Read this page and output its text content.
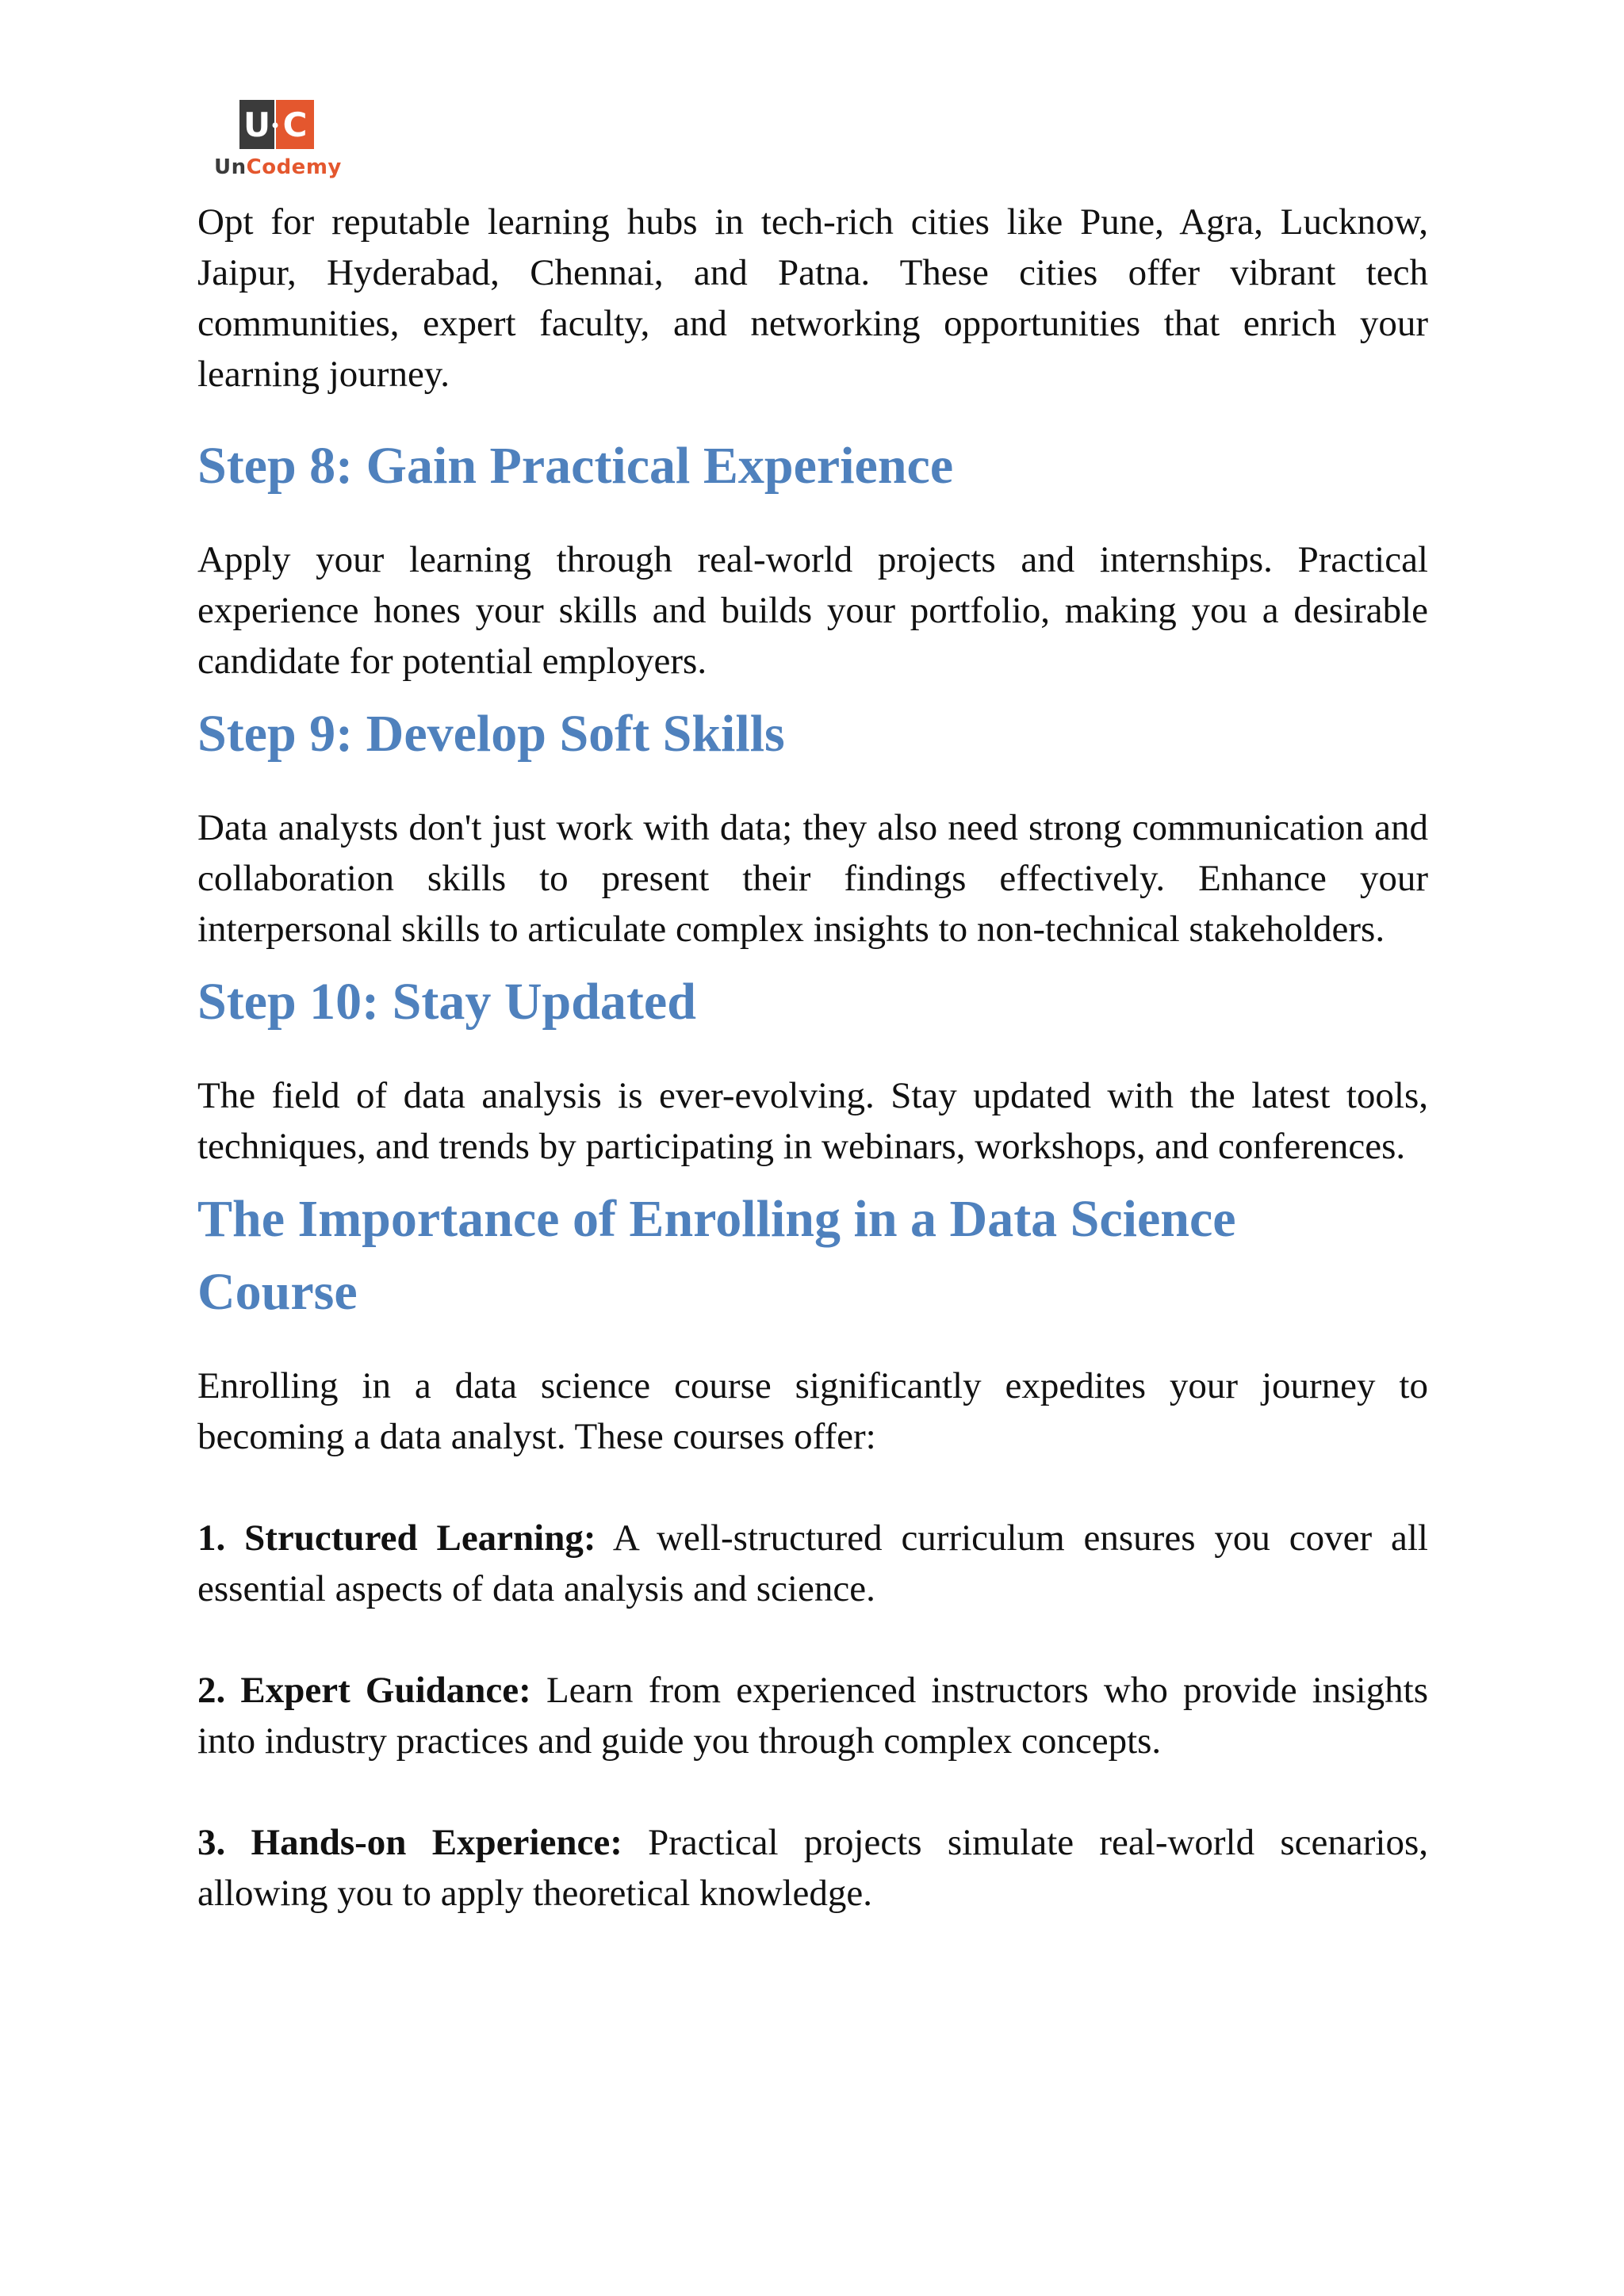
U C
UnCodemy

Opt for reputable learning hubs in tech-rich cities like Pune, Agra, Lucknow, Jaipur, Hyderabad, Chennai, and Patna. These cities offer vibrant tech communities, expert faculty, and networking opportunities that enrich your learning journey.

Step 8: Gain Practical Experience

Apply your learning through real-world projects and internships. Practical experience hones your skills and builds your portfolio, making you a desirable candidate for potential employers.

Step 9: Develop Soft Skills

Data analysts don't just work with data; they also need strong communication and collaboration skills to present their findings effectively. Enhance your interpersonal skills to articulate complex insights to non-technical stakeholders.

Step 10: Stay Updated

The field of data analysis is ever-evolving. Stay updated with the latest tools, techniques, and trends by participating in webinars, workshops, and conferences.

The Importance of Enrolling in a Data Science Course

Enrolling in a data science course significantly expedites your journey to becoming a data analyst. These courses offer:

1. Structured Learning: A well-structured curriculum ensures you cover all essential aspects of data analysis and science.

2. Expert Guidance: Learn from experienced instructors who provide insights into industry practices and guide you through complex concepts.

3. Hands-on Experience: Practical projects simulate real-world scenarios, allowing you to apply theoretical knowledge.
